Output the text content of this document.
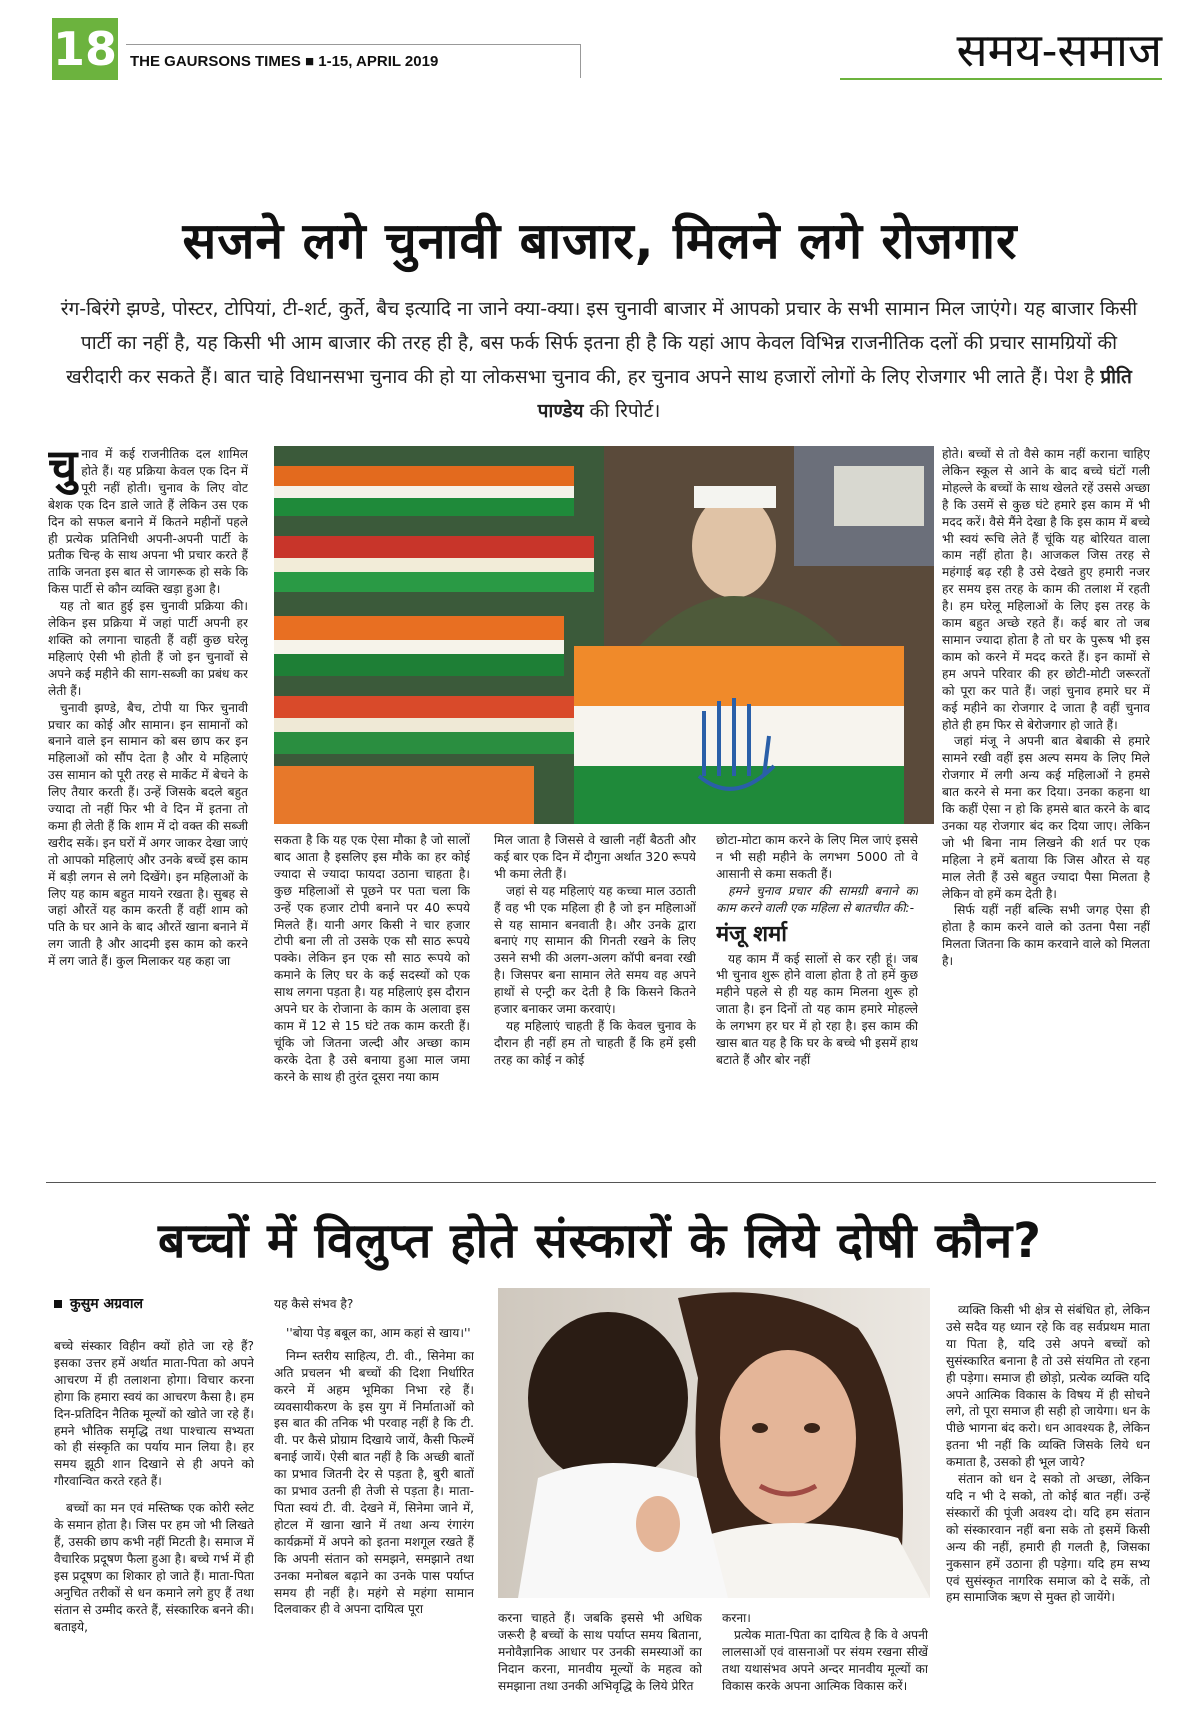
18 THE GAURSONS TIMES ■ 1-15, APRIL 2019	समय-समाज
सजने लगे चुनावी बाजार, मिलने लगे रोजगार
रंग-बिरंगे झण्डे, पोस्टर, टोपियां, टी-शर्ट, कुर्ते, बैच इत्यादि ना जाने क्या-क्या। इस चुनावी बाजार में आपको प्रचार के सभी सामान मिल जाएंगे। यह बाजार किसी पार्टी का नहीं है, यह किसी भी आम बाजार की तरह ही है, बस फर्क सिर्फ इतना ही है कि यहां आप केवल विभिन्न राजनीतिक दलों की प्रचार सामग्रियों की खरीदारी कर सकते हैं। बात चाहे विधानसभा चुनाव की हो या लोकसभा चुनाव की, हर चुनाव अपने साथ हजारों लोगों के लिए रोजगार भी लाते हैं। पेश है प्रीति पाण्डेय की रिपोर्ट।

चुनाव में कई राजनीतिक दल शामिल होते हैं। यह प्रक्रिया केवल एक दिन में पूरी नहीं होती। चुनाव के लिए वोट बेशक एक दिन डाले जाते हैं लेकिन उस एक दिन को सफल बनाने में कितने महीनों पहले ही प्रत्येक प्रतिनिधी अपनी-अपनी पार्टी के प्रतीक चिन्ह के साथ अपना भी प्रचार करते हैं ताकि जनता इस बात से जागरूक हो सके कि किस पार्टी से कौन व्यक्ति खड़ा हुआ है।

यह तो बात हुई इस चुनावी प्रक्रिया की। लेकिन इस प्रक्रिया में जहां पार्टी अपनी हर शक्ति को लगाना चाहती हैं वहीं कुछ घरेलू महिलाएं ऐसी भी होती हैं जो इन चुनावों से अपने कई महीने की साग-सब्जी का प्रबंध कर लेती हैं।

चुनावी झण्डे, बैच, टोपी या फिर चुनावी प्रचार का कोई और सामान। इन सामानों को बनाने वाले इन सामान को बस छाप कर इन महिलाओं को सौंप देता है और ये महिलाएं उस सामान को पूरी तरह से मार्केट में बेचने के लिए तैयार करती हैं। उन्हें जिसके बदले बहुत ज्यादा तो नहीं फिर भी वे दिन में इतना तो कमा ही लेती हैं कि शाम में दो वक्त की सब्जी खरीद सकें। इन घरों में अगर जाकर देखा जाएं तो आपको महिलाएं और उनके बच्चें इस काम में बड़ी लगन से लगे दिखेंगे। इन महिलाओं के लिए यह काम बहुत मायने रखता है। सुबह से जहां औरतें यह काम करती हैं वहीं शाम को पति के घर आने के बाद औरतें खाना बनाने में लग जाती है और आदमी इस काम को करने में लग जाते हैं। कुल मिलाकर यह कहा जा

सकता है कि यह एक ऐसा मौका है जो सालों बाद आता है इसलिए इस मौके का हर कोई ज्यादा से ज्यादा फायदा उठाना चाहता है। कुछ महिलाओं से पूछने पर पता चला कि उन्हें एक हजार टोपी बनाने पर 40 रूपये मिलते हैं। यानी अगर किसी ने चार हजार टोपी बना ली तो उसके एक सौ साठ रूपये पक्के। लेकिन इन एक सौ साठ रूपये को कमाने के लिए घर के कई सदस्यों को एक साथ लगना पड़ता है। यह महिलाएं इस दौरान अपने घर के रोजाना के काम के अलावा इस काम में 12 से 15 घंटे तक काम करती हैं। चूंकि जो जितना जल्दी और अच्छा काम करके देता है उसे बनाया हुआ माल जमा करने के साथ ही तुरंत दूसरा नया काम

मिल जाता है जिससे वे खाली नहीं बैठती और कई बार एक दिन में दौगुना अर्थात 320 रूपये भी कमा लेती हैं।

जहां से यह महिलाएं यह कच्चा माल उठाती हैं वह भी एक महिला ही है जो इन महिलाओं से यह सामान बनवाती है। और उनके द्वारा बनाएं गए सामान की गिनती रखने के लिए उसने सभी की अलग-अलग कॉपी बनवा रखी है। जिसपर बना सामान लेते समय वह अपने हाथों से एन्ट्री कर देती है कि किसने कितने हजार बनाकर जमा करवाएं।

यह महिलाएं चाहती हैं कि केवल चुनाव के दौरान ही नहीं हम तो चाहती हैं कि हमें इसी तरह का कोई न कोई

छोटा-मोटा काम करने के लिए मिल जाएं इससे न भी सही महीने के लगभग 5000 तो वे आसानी से कमा सकती हैं।

हमने चुनाव प्रचार की सामग्री बनाने का काम करने वाली एक महिला से बातचीत की:-

मंजू शर्मा

यह काम मैं कई सालों से कर रही हूं। जब भी चुनाव शुरू होने वाला होता है तो हमें कुछ महीने पहले से ही यह काम मिलना शुरू हो जाता है। इन दिनों तो यह काम हमारे मोहल्ले के लगभग हर घर में हो रहा है। इस काम की खास बात यह है कि घर के बच्चे भी इसमें हाथ बटाते हैं और बोर नहीं

होते। बच्चों से तो वैसे काम नहीं कराना चाहिए लेकिन स्कूल से आने के बाद बच्चे घंटों गली मोहल्ले के बच्चों के साथ खेलते रहें उससे अच्छा है कि उसमें से कुछ घंटे हमारे इस काम में भी मदद करें। वैसे मैंने देखा है कि इस काम में बच्चे भी स्वयं रूचि लेते हैं चूंकि यह बोरियत वाला काम नहीं होता है। आजकल जिस तरह से महंगाई बढ़ रही है उसे देखते हुए हमारी नजर हर समय इस तरह के काम की तलाश में रहती है। हम घरेलू महिलाओं के लिए इस तरह के काम बहुत अच्छे रहते हैं। कई बार तो जब सामान ज्यादा होता है तो घर के पुरूष भी इस काम को करने में मदद करते हैं। इन कामों से हम अपने परिवार की हर छोटी-मोटी जरूरतों को पूरा कर पाते हैं। जहां चुनाव हमारे घर में कई महीने का रोजगार दे जाता है वहीं चुनाव होते ही हम फिर से बेरोजगार हो जाते हैं।

जहां मंजू ने अपनी बात बेबाकी से हमारे सामने रखी वहीं इस अल्प समय के लिए मिले रोजगार में लगी अन्य कई महिलाओं ने हमसे बात करने से मना कर दिया। उनका कहना था कि कहीं ऐसा न हो कि हमसे बात करने के बाद उनका यह रोजगार बंद कर दिया जाए। लेकिन जो भी बिना नाम लिखने की शर्त पर एक महिला ने हमें बताया कि जिस औरत से यह माल लेती हैं उसे बहुत ज्यादा पैसा मिलता है लेकिन वो हमें कम देती है।

सिर्फ यहीं नहीं बल्कि सभी जगह ऐसा ही होता है काम करने वाले को उतना पैसा नहीं मिलता जितना कि काम करवाने वाले को मिलता है।

बच्चों में विलुप्त होते संस्कारों के लिये दोषी कौन?
कुसुम अग्रवाल

बच्चे संस्कार विहीन क्यों होते जा रहे हैं? इसका उत्तर हमें अर्थात माता-पिता को अपने आचरण में ही तलाशना होगा। विचार करना होगा कि हमारा स्वयं का आचरण कैसा है। हम दिन-प्रतिदिन नैतिक मूल्यों को खोते जा रहे हैं। हमने भौतिक समृद्धि तथा पाश्चात्य सभ्यता को ही संस्कृति का पर्याय मान लिया है। हर समय झूठी शान दिखाने से ही अपने को गौरवान्वित करते रहते हैं।

बच्चों का मन एवं मस्तिष्क एक कोरी स्लेट के समान होता है। जिस पर हम जो भी लिखते हैं, उसकी छाप कभी नहीं मिटती है। समाज में वैचारिक प्रदूषण फैला हुआ है। बच्चे गर्भ में ही इस प्रदूषण का शिकार हो जाते हैं। माता-पिता अनुचित तरीकों से धन कमाने लगे हुए हैं तथा संतान से उम्मीद करते हैं, संस्कारिक बनने की। बताइये,

यह कैसे संभव है?

''बोया पेड़ बबूल का, आम कहां से खाय।''

निम्न स्तरीय साहित्य, टी. वी., सिनेमा का अति प्रचलन भी बच्चों की दिशा निर्धारित करने में अहम भूमिका निभा रहे हैं। व्यवसायीकरण के इस युग में निर्माताओं को इस बात की तनिक भी परवाह नहीं है कि टी. वी. पर कैसे प्रोग्राम दिखाये जायें, कैसी फिल्में बनाई जायें। ऐसी बात नहीं है कि अच्छी बातों का प्रभाव जितनी देर से पड़ता है, बुरी बातों का प्रभाव उतनी ही तेजी से पड़ता है। माता-पिता स्वयं टी. वी. देखने में, सिनेमा जाने में, होटल में खाना खाने में तथा अन्य रंगारंग कार्यक्रमों में अपने को इतना मशगूल रखते हैं कि अपनी संतान को समझने, समझाने तथा उनका मनोबल बढ़ाने का उनके पास पर्याप्त समय ही नहीं है। महंगे से महंगा सामान दिलवाकर ही वे अपना दायित्व पूरा

करना चाहते हैं। जबकि इससे भी अधिक जरूरी है बच्चों के साथ पर्याप्त समय बिताना, मनोवैज्ञानिक आधार पर उनकी समस्याओं का निदान करना, मानवीय मूल्यों के महत्व को समझाना तथा उनकी अभिवृद्धि के लिये प्रेरित

करना।

प्रत्येक माता-पिता का दायित्व है कि वे अपनी लालसाओं एवं वासनाओं पर संयम रखना सीखें तथा यथासंभव अपने अन्दर मानवीय मूल्यों का विकास करके अपना आत्मिक विकास करें।

व्यक्ति किसी भी क्षेत्र से संबंधित हो, लेकिन उसे सदैव यह ध्यान रहे कि वह सर्वप्रथम माता या पिता है, यदि उसे अपने बच्चों को सुसंस्कारित बनाना है तो उसे संयमित तो रहना ही पड़ेगा। समाज ही छोड़ो, प्रत्येक व्यक्ति यदि अपने आत्मिक विकास के विषय में ही सोचने लगे, तो पूरा समाज ही सही हो जायेगा। धन के पीछे भागना बंद करो। धन आवश्यक है, लेकिन इतना भी नहीं कि व्यक्ति जिसके लिये धन कमाता है, उसको ही भूल जाये?

संतान को धन दे सको तो अच्छा, लेकिन यदि न भी दे सको, तो कोई बात नहीं। उन्हें संस्कारों की पूंजी अवश्य दो। यदि हम संतान को संस्कारवान नहीं बना सके तो इसमें किसी अन्य की नहीं, हमारी ही गलती है, जिसका नुकसान हमें उठाना ही पड़ेगा। यदि हम सभ्य एवं सुसंस्कृत नागरिक समाज को दे सकें, तो हम सामाजिक ऋण से मुक्त हो जायेंगे।
